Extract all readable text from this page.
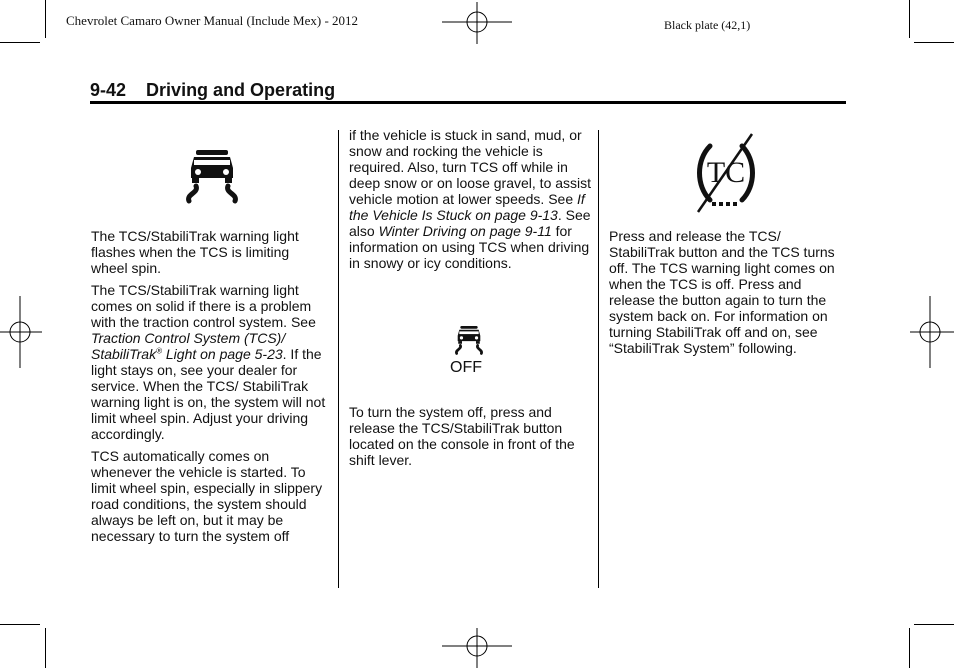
Chevrolet Camaro Owner Manual (Include Mex) - 2012	Black plate (42,1)
9-42 Driving and Operating

The TCS/StabiliTrak warning light flashes when the TCS is limiting wheel spin.

The TCS/StabiliTrak warning light comes on solid if there is a problem with the traction control system. See Traction Control System (TCS)/ StabiliTrak® Light on page 5-23. If the light stays on, see your dealer for service. When the TCS/ StabiliTrak warning light is on, the system will not limit wheel spin. Adjust your driving accordingly.

TCS automatically comes on whenever the vehicle is started. To limit wheel spin, especially in slippery road conditions, the system should always be left on, but it may be necessary to turn the system off

if the vehicle is stuck in sand, mud, or snow and rocking the vehicle is required. Also, turn TCS off while in deep snow or on loose gravel, to assist vehicle motion at lower speeds. See If the Vehicle Is Stuck on page 9-13. See also Winter Driving on page 9-11 for information on using TCS when driving in snowy or icy conditions.

OFF

To turn the system off, press and release the TCS/StabiliTrak button located on the console in front of the shift lever.

TC

Press and release the TCS/ StabiliTrak button and the TCS turns off. The TCS warning light comes on when the TCS is off. Press and release the button again to turn the system back on. For information on turning StabiliTrak off and on, see “StabiliTrak System” following.
